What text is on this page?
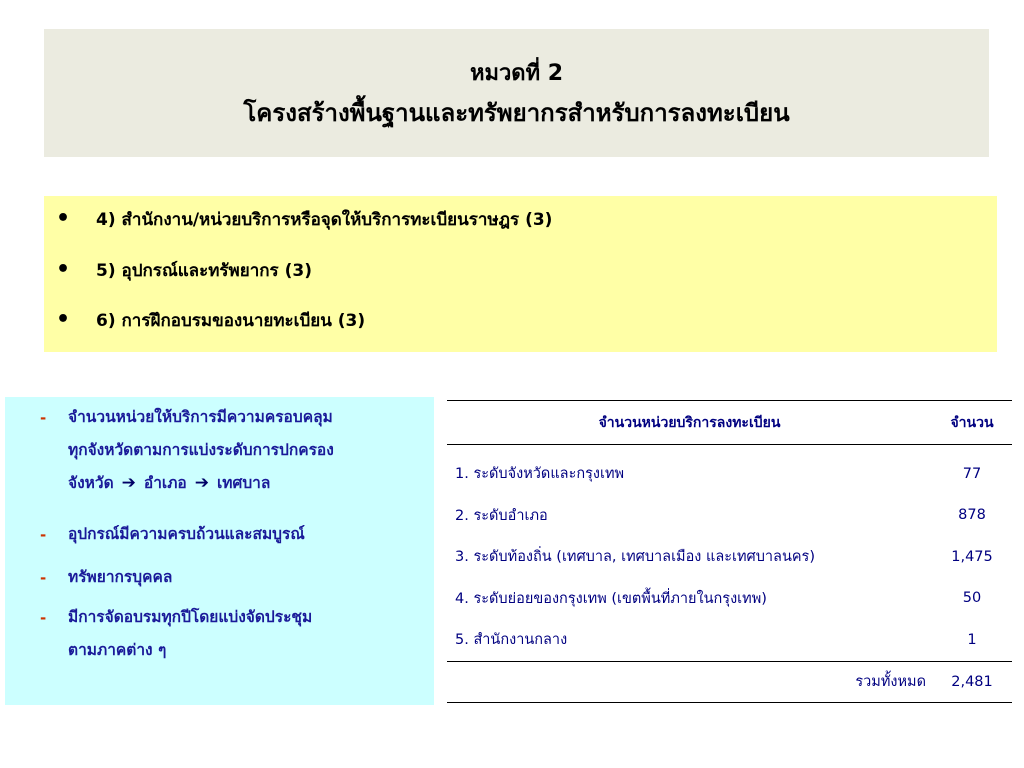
หมวดที่ 2
โครงสร้างพื้นฐานและทรัพยากรสำหรับการลงทะเบียน
•	4) สำนักงาน/หน่วยบริการหรือจุดให้บริการทะเบียนราษฎร (3)
•	5) อุปกรณ์และทรัพยากร (3)
•	6) การฝึกอบรมของนายทะเบียน (3)
- จำนวนหน่วยให้บริการมีความครอบคลุม
ทุกจังหวัดตามการแบ่งระดับการปกครอง
จังหวัด ➔ อำเภอ ➔ เทศบาล
- อุปกรณ์มีความครบถ้วนและสมบูรณ์
- ทรัพยากรบุคคล
- มีการจัดอบรมทุกปีโดยแบ่งจัดประชุม
ตามภาคต่าง ๆ
จำนวนหน่วยบริการลงทะเบียน	จำนวน
1. ระดับจังหวัดและกรุงเทพ	77
2. ระดับอำเภอ	878
3. ระดับท้องถิ่น (เทศบาล, เทศบาลเมือง และเทศบาลนคร)	1,475
4. ระดับย่อยของกรุงเทพ (เขตพื้นที่ภายในกรุงเทพ)	50
5. สำนักงานกลาง	1
รวมทั้งหมด	2,481
